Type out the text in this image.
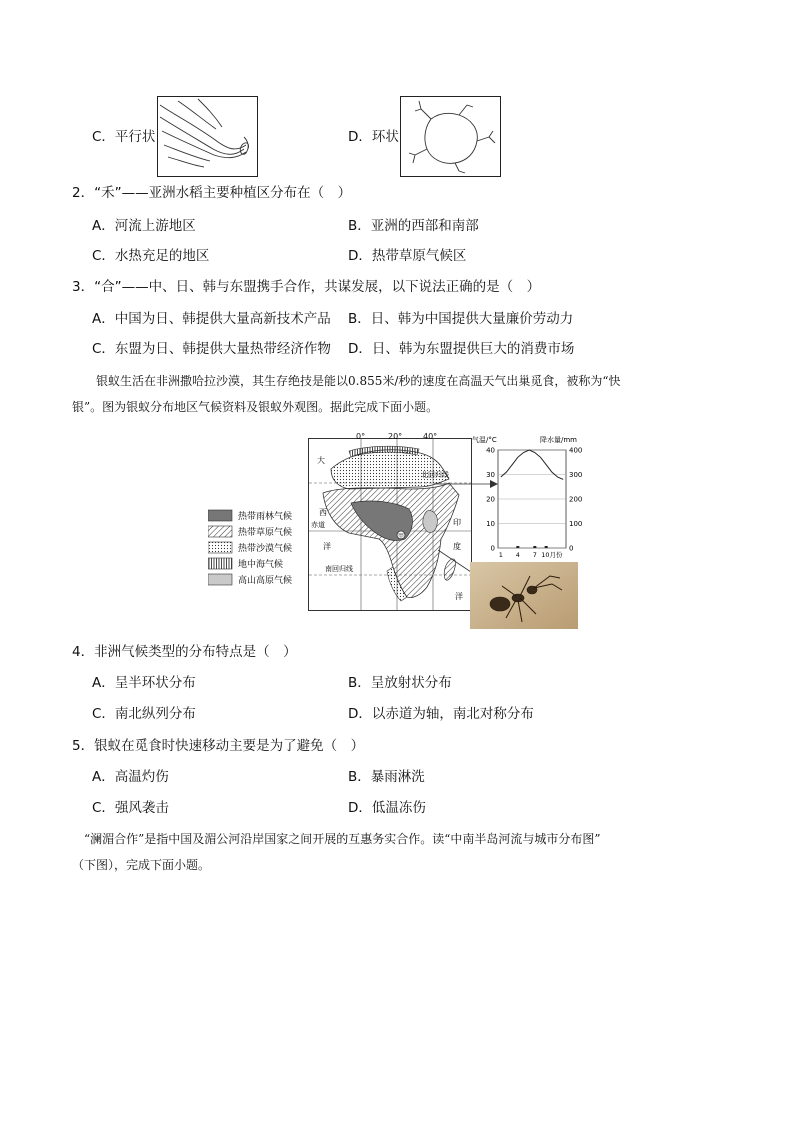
C．平行状	D．环状
2．“禾”——亚洲水稻主要种植区分布在（　）
A．河流上游地区	B．亚洲的西部和南部
C．水热充足的地区	D．热带草原气候区
3．“合”——中、日、韩与东盟携手合作，共谋发展，以下说法正确的是（　）
A．中国为日、韩提供大量高新技术产品 B．日、韩为中国提供大量廉价劳动力
C．东盟为日、韩提供大量热带经济作物 D．日、韩为东盟提供巨大的消费市场
银蚁生活在非洲撒哈拉沙漠，其生存绝技是能以0.855米/秒的速度在高温天气出巢觅食，被称为“快
银”。图为银蚁分布地区气候资料及银蚁外观图。据此完成下面小题。
热带雨林气候
热带草原气候
热带沙漠气候
地中海气候
高山高原气候
甲
北回归线
赤道
南回归线
大
西
洋
印
度
洋
0°	20°	40°	气温/°C	降水量/mm
40	400
30	300
20	200
10	100
0	0
1 4 7 10月份
4．非洲气候类型的分布特点是（　）
A．呈半环状分布	B．呈放射状分布
C．南北纵列分布	D．以赤道为轴，南北对称分布
5．银蚁在觅食时快速移动主要是为了避免（　）
A．高温灼伤	B．暴雨淋洗
C．强风袭击	D．低温冻伤
“澜湄合作”是指中国及湄公河沿岸国家之间开展的互惠务实合作。读“中南半岛河流与城市分布图”
（下图），完成下面小题。
